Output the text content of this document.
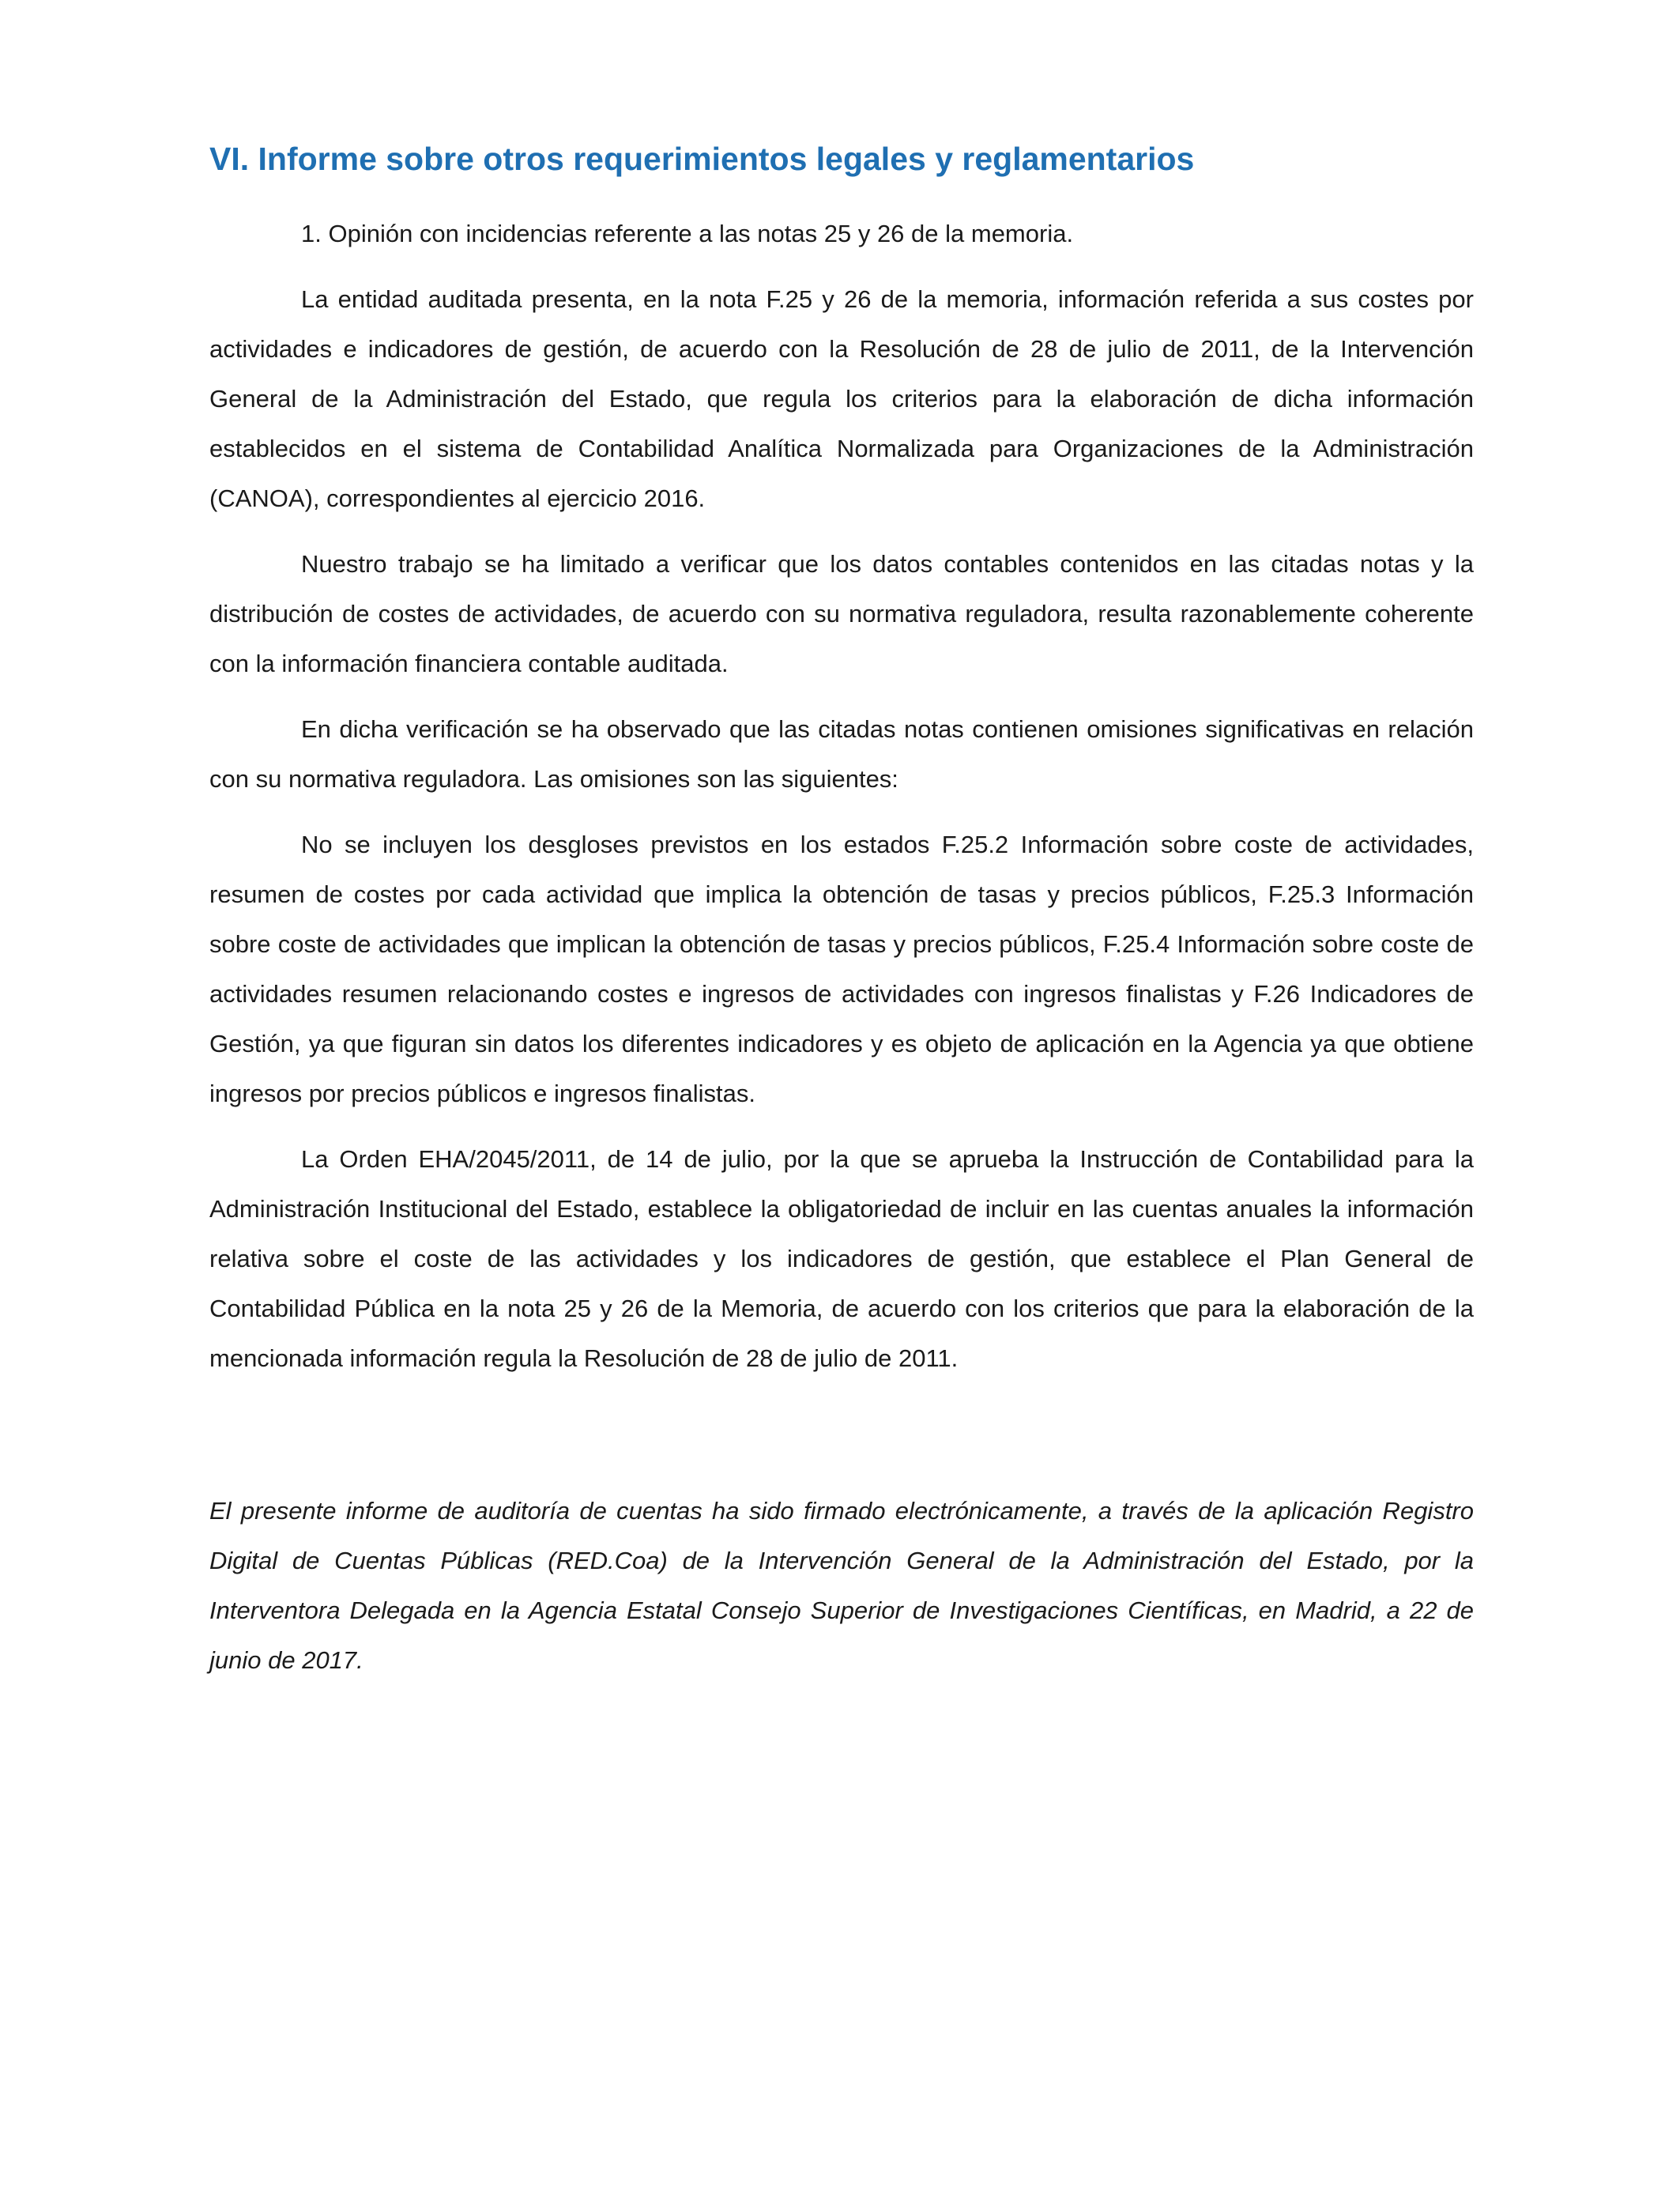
VI. Informe sobre otros requerimientos legales y reglamentarios

1. Opinión con incidencias referente a las notas 25 y 26 de la memoria.

La entidad auditada presenta, en la nota F.25 y 26 de la memoria, información referida a sus costes por actividades e indicadores de gestión, de acuerdo con la Resolución de 28 de julio de 2011, de la Intervención General de la Administración del Estado, que regula los criterios para la elaboración de dicha información establecidos en el sistema de Contabilidad Analítica Normalizada para Organizaciones de la Administración (CANOA), correspondientes al ejercicio 2016.

Nuestro trabajo se ha limitado a verificar que los datos contables contenidos en las citadas notas y la distribución de costes de actividades, de acuerdo con su normativa reguladora, resulta razonablemente coherente con la información financiera contable auditada.

En dicha verificación se ha observado que las citadas notas contienen omisiones significativas en relación con su normativa reguladora. Las omisiones son las siguientes:

No se incluyen los desgloses previstos en los estados F.25.2 Información sobre coste de actividades, resumen de costes por cada actividad que implica la obtención de tasas y precios públicos, F.25.3 Información sobre coste de actividades que implican la obtención de tasas y precios públicos, F.25.4 Información sobre coste de actividades resumen relacionando costes e ingresos de actividades con ingresos finalistas y F.26 Indicadores de Gestión, ya que figuran sin datos los diferentes indicadores y es objeto de aplicación en la Agencia ya que obtiene ingresos por precios públicos e ingresos finalistas.

La Orden EHA/2045/2011, de 14 de julio, por la que se aprueba la Instrucción de Contabilidad para la Administración Institucional del Estado, establece la obligatoriedad de incluir en las cuentas anuales la información relativa sobre el coste de las actividades y los indicadores de gestión, que establece el Plan General de Contabilidad Pública en la nota 25 y 26 de la Memoria, de acuerdo con los criterios que para la elaboración de la mencionada información regula la Resolución de 28 de julio de 2011.

El presente informe de auditoría de cuentas ha sido firmado electrónicamente, a través de la aplicación Registro Digital de Cuentas Públicas (RED.Coa) de la Intervención General de la Administración del Estado, por la Interventora Delegada en la Agencia Estatal Consejo Superior de Investigaciones Científicas, en Madrid, a 22 de junio de 2017.
